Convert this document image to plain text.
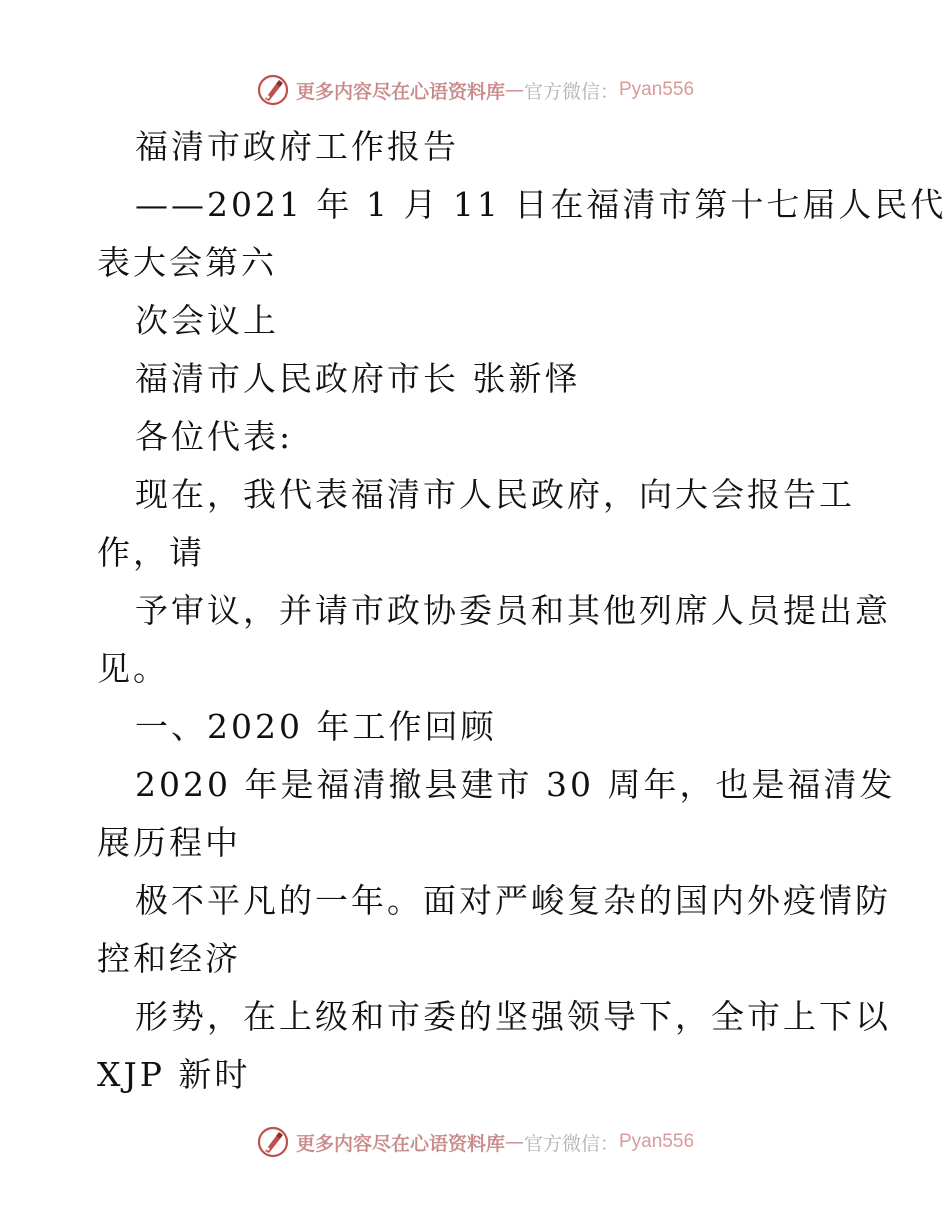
更多内容尽在心语资料库 — 官方微信： Pyan556
福清市政府工作报告
——2021 年 1 月 11 日在福清市第十七届人民代
表大会第六
次会议上
福清市人民政府市长 张新怿
各位代表:
现在，我代表福清市人民政府，向大会报告工
作，请
予审议，并请市政协委员和其他列席人员提出意
见。
一、2020 年工作回顾
2020 年是福清撤县建市 30 周年，也是福清发
展历程中
极不平凡的一年。面对严峻复杂的国内外疫情防
控和经济
形势，在上级和市委的坚强领导下，全市上下以
XJP 新时
更多内容尽在心语资料库 — 官方微信： Pyan556
